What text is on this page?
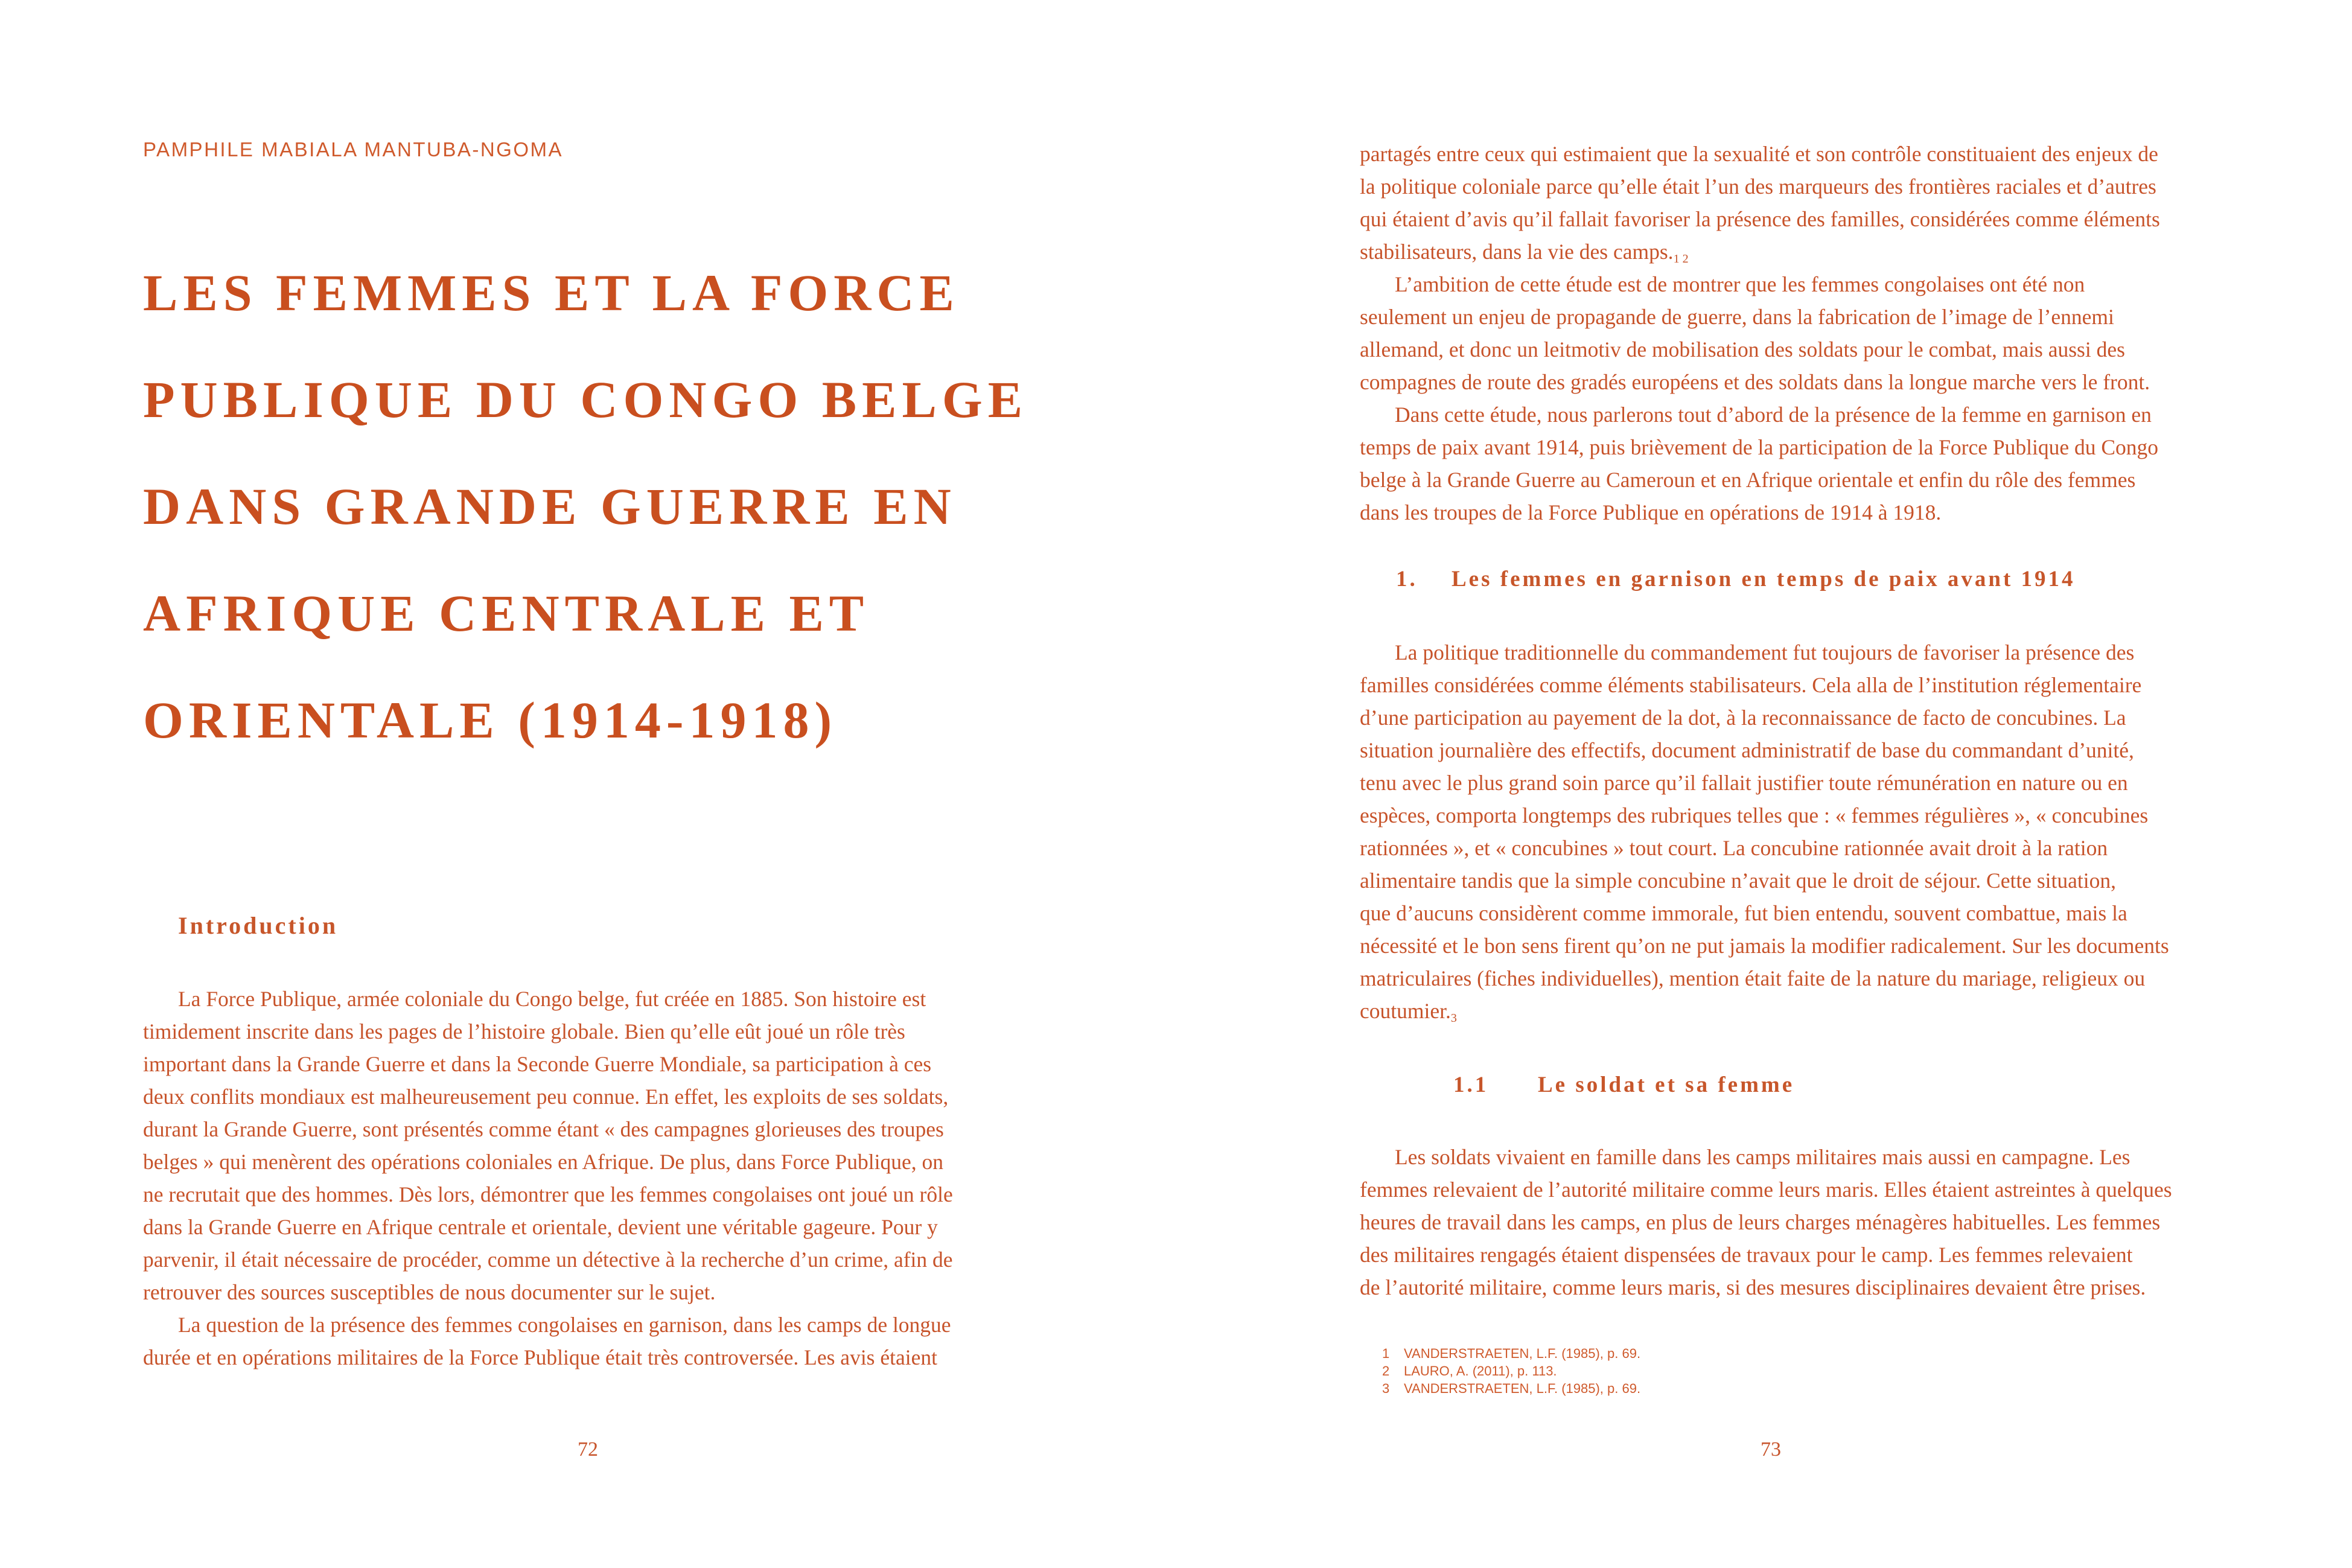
PAMPHILE MABIALA MANTUBA-NGOMA
LES FEMMES ET LA FORCE
PUBLIQUE DU CONGO BELGE
DANS GRANDE GUERRE EN
AFRIQUE CENTRALE ET
ORIENTALE (1914-1918)
Introduction
La Force Publique, armée coloniale du Congo belge, fut créée en 1885. Son histoire est
timidement inscrite dans les pages de l’histoire globale. Bien qu’elle eût joué un rôle très
important dans la Grande Guerre et dans la Seconde Guerre Mondiale, sa participation à ces
deux conflits mondiaux est malheureusement peu connue. En effet, les exploits de ses soldats,
durant la Grande Guerre, sont présentés comme étant « des campagnes glorieuses des troupes
belges » qui menèrent des opérations coloniales en Afrique. De plus, dans Force Publique, on
ne recrutait que des hommes. Dès lors, démontrer que les femmes congolaises ont joué un rôle
dans la Grande Guerre en Afrique centrale et orientale, devient une véritable gageure. Pour y
parvenir, il était nécessaire de procéder, comme un détective à la recherche d’un crime, afin de
retrouver des sources susceptibles de nous documenter sur le sujet.
La question de la présence des femmes congolaises en garnison, dans les camps de longue
durée et en opérations militaires de la Force Publique était très controversée. Les avis étaient
72
partagés entre ceux qui estimaient que la sexualité et son contrôle constituaient des enjeux de
la politique coloniale parce qu’elle était l’un des marqueurs des frontières raciales et d’autres
qui étaient d’avis qu’il fallait favoriser la présence des familles, considérées comme éléments
stabilisateurs, dans la vie des $camps._{1 2}$
L’ambition de cette étude est de montrer que les femmes congolaises ont été non
seulement un enjeu de propagande de guerre, dans la fabrication de l’image de l’ennemi
allemand, et donc un leitmotiv de mobilisation des soldats pour le combat, mais aussi des
compagnes de route des gradés européens et des soldats dans la longue marche vers le front.
Dans cette étude, nous parlerons tout d’abord de la présence de la femme en garnison en
temps de paix avant 1914, puis brièvement de la participation de la Force Publique du Congo
belge à la Grande Guerre au Cameroun et en Afrique orientale et enfin du rôle des femmes
dans les troupes de la Force Publique en opérations de 1914 à 1918.
1. Les femmes en garnison en temps de paix avant 1914
La politique traditionnelle du commandement fut toujours de favoriser la présence des
familles considérées comme éléments stabilisateurs. Cela alla de l’institution réglementaire
d’une participation au payement de la dot, à la reconnaissance de facto de concubines. La
situation journalière des effectifs, document administratif de base du commandant d’unité,
tenu avec le plus grand soin parce qu’il fallait justifier toute rémunération en nature ou en
espèces, comporta longtemps des rubriques telles que : « femmes régulières », « concubines
rationnées », et « concubines » tout court. La concubine rationnée avait droit à la ration
alimentaire tandis que la simple concubine n’avait que le droit de séjour. Cette situation,
que d’aucuns considèrent comme immorale, fut bien entendu, souvent combattue, mais la
nécessité et le bon sens firent qu’on ne put jamais la modifier radicalement. Sur les documents
matriculaires (fiches individuelles), mention était faite de la nature du mariage, religieux ou
$coutumier._3$
1.1 Le soldat et sa femme
Les soldats vivaient en famille dans les camps militaires mais aussi en campagne. Les
femmes relevaient de l’autorité militaire comme leurs maris. Elles étaient astreintes à quelques
heures de travail dans les camps, en plus de leurs charges ménagères habituelles. Les femmes
des militaires rengagés étaient dispensées de travaux pour le camp. Les femmes relevaient
de l’autorité militaire, comme leurs maris, si des mesures disciplinaires devaient être prises.
1 VANDERSTRAETEN, L.F. (1985), p. 69.
2 LAURO, A. (2011), p. 113.
3 VANDERSTRAETEN, L.F. (1985), p. 69.
73
